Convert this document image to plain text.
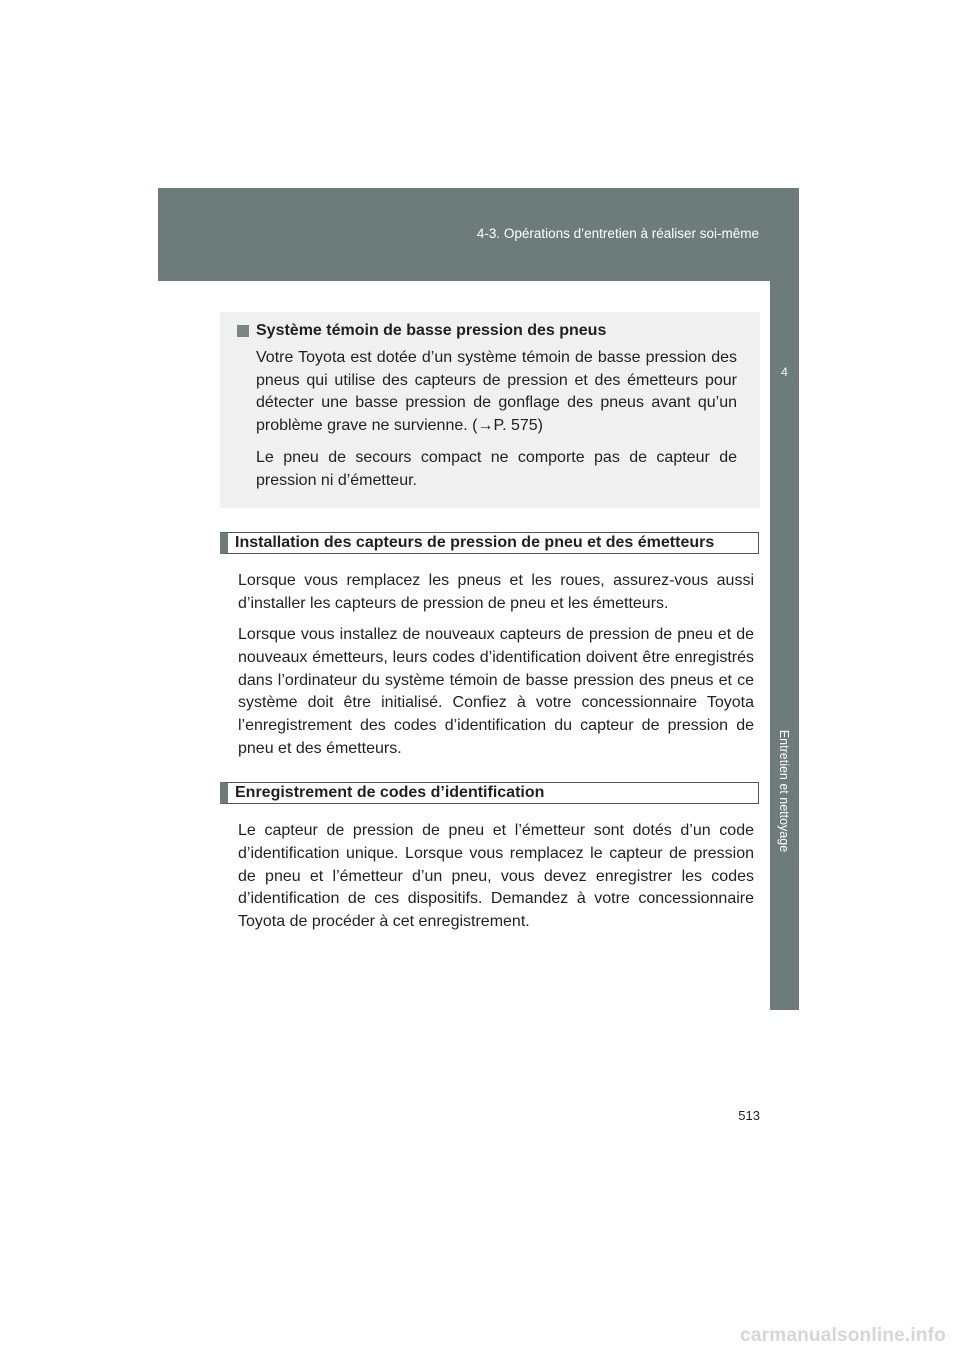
4-3. Opérations d’entretien à réaliser soi-même
4
Entretien et nettoyage
Système témoin de basse pression des pneus

Votre Toyota est dotée d’un système témoin de basse pression des pneus qui utilise des capteurs de pression et des émetteurs pour détecter une basse pression de gonflage des pneus avant qu’un problème grave ne survienne. (→P. 575)

Le pneu de secours compact ne comporte pas de capteur de pression ni d’émetteur.

Installation des capteurs de pression de pneu et des émetteurs

Lorsque vous remplacez les pneus et les roues, assurez-vous aussi d’installer les capteurs de pression de pneu et les émetteurs.

Lorsque vous installez de nouveaux capteurs de pression de pneu et de nouveaux émetteurs, leurs codes d’identification doivent être enregistrés dans l’ordinateur du système témoin de basse pression des pneus et ce système doit être initialisé. Confiez à votre concessionnaire Toyota l’enregistrement des codes d’identification du capteur de pression de pneu et des émetteurs.

Enregistrement de codes d’identification

Le capteur de pression de pneu et l’émetteur sont dotés d’un code d’identification unique. Lorsque vous remplacez le capteur de pression de pneu et l’émetteur d’un pneu, vous devez enregistrer les codes d’identification de ces dispositifs. Demandez à votre concessionnaire Toyota de procéder à cet enregistrement.

513
carmanualsonline.info
